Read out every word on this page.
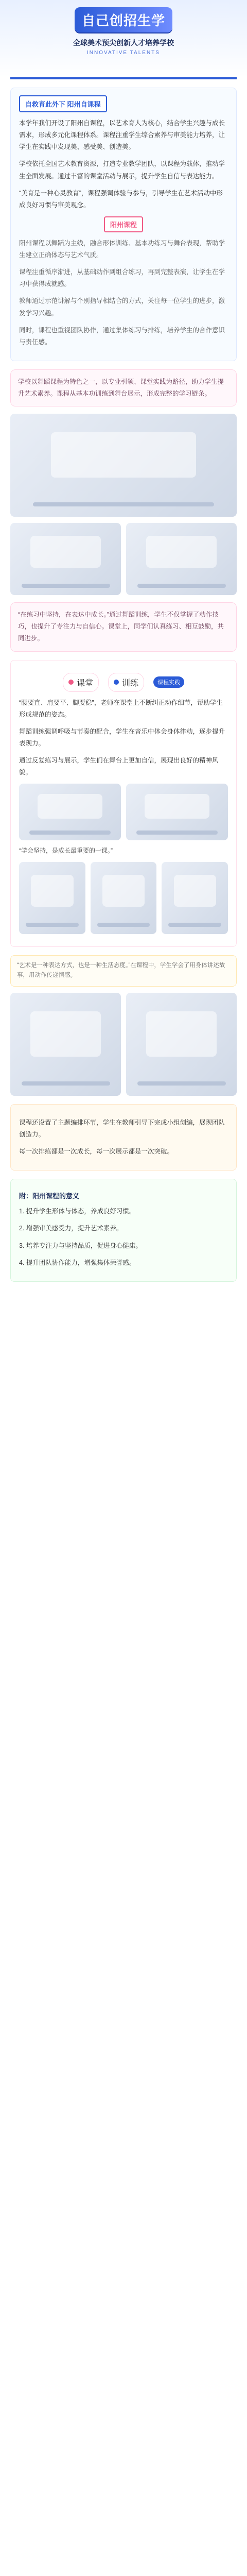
自己创招生学
全球美术预尖创新人才培养学校
INNOVATIVE TALENTS
自救育此外下 阳州自课程
本学年我们开设了阳州自课程，以艺术育人为核心，结合学生兴趣与成长需求，形成多元化课程体系。课程注重学生综合素养与审美能力培养，让学生在实践中发现美、感受美、创造美。
学校依托全国艺术教育资源，打造专业教学团队，以课程为载体，推动学生全面发展。通过丰富的课堂活动与展示，提升学生自信与表达能力。
“美育是一种心灵教育”，课程强调体验与参与，引导学生在艺术活动中形成良好习惯与审美观念。
阳州课程
阳州课程以舞蹈为主线，融合形体训练、基本功练习与舞台表现，帮助学生建立正确体态与艺术气质。
课程注重循序渐进，从基础动作到组合练习，再到完整表演，让学生在学习中获得成就感。
教师通过示范讲解与个别指导相结合的方式，关注每一位学生的进步，激发学习兴趣。
同时，课程也重视团队协作，通过集体练习与排练，培养学生的合作意识与责任感。
学校以舞蹈课程为特色之一，以专业引领、课堂实践为路径，助力学生提升艺术素养。课程从基本功训练到舞台展示，形成完整的学习链条。
“在练习中坚持，在表达中成长。”通过舞蹈训练，学生不仅掌握了动作技巧，也提升了专注力与自信心。课堂上，同学们认真练习、相互鼓励，共同进步。
课堂	训练	课程实践
“腰要直、肩要平、脚要稳”，老师在课堂上不断纠正动作细节，帮助学生形成规范的姿态。
舞蹈训练强调呼吸与节奏的配合，学生在音乐中体会身体律动，逐步提升表现力。
通过反复练习与展示，学生们在舞台上更加自信，展现出良好的精神风貌。
“学会坚持，是成长最重要的一课。”
“艺术是一种表达方式，也是一种生活态度。”在课程中，学生学会了用身体讲述故事，用动作传递情感。
课程还设置了主题编排环节，学生在教师引导下完成小组创编，展现团队创造力。
每一次排练都是一次成长，每一次展示都是一次突破。
附：阳州课程的意义
1. 提升学生形体与体态，养成良好习惯。
2. 增强审美感受力，提升艺术素养。
3. 培养专注力与坚持品质，促进身心健康。
4. 提升团队协作能力，增强集体荣誉感。
